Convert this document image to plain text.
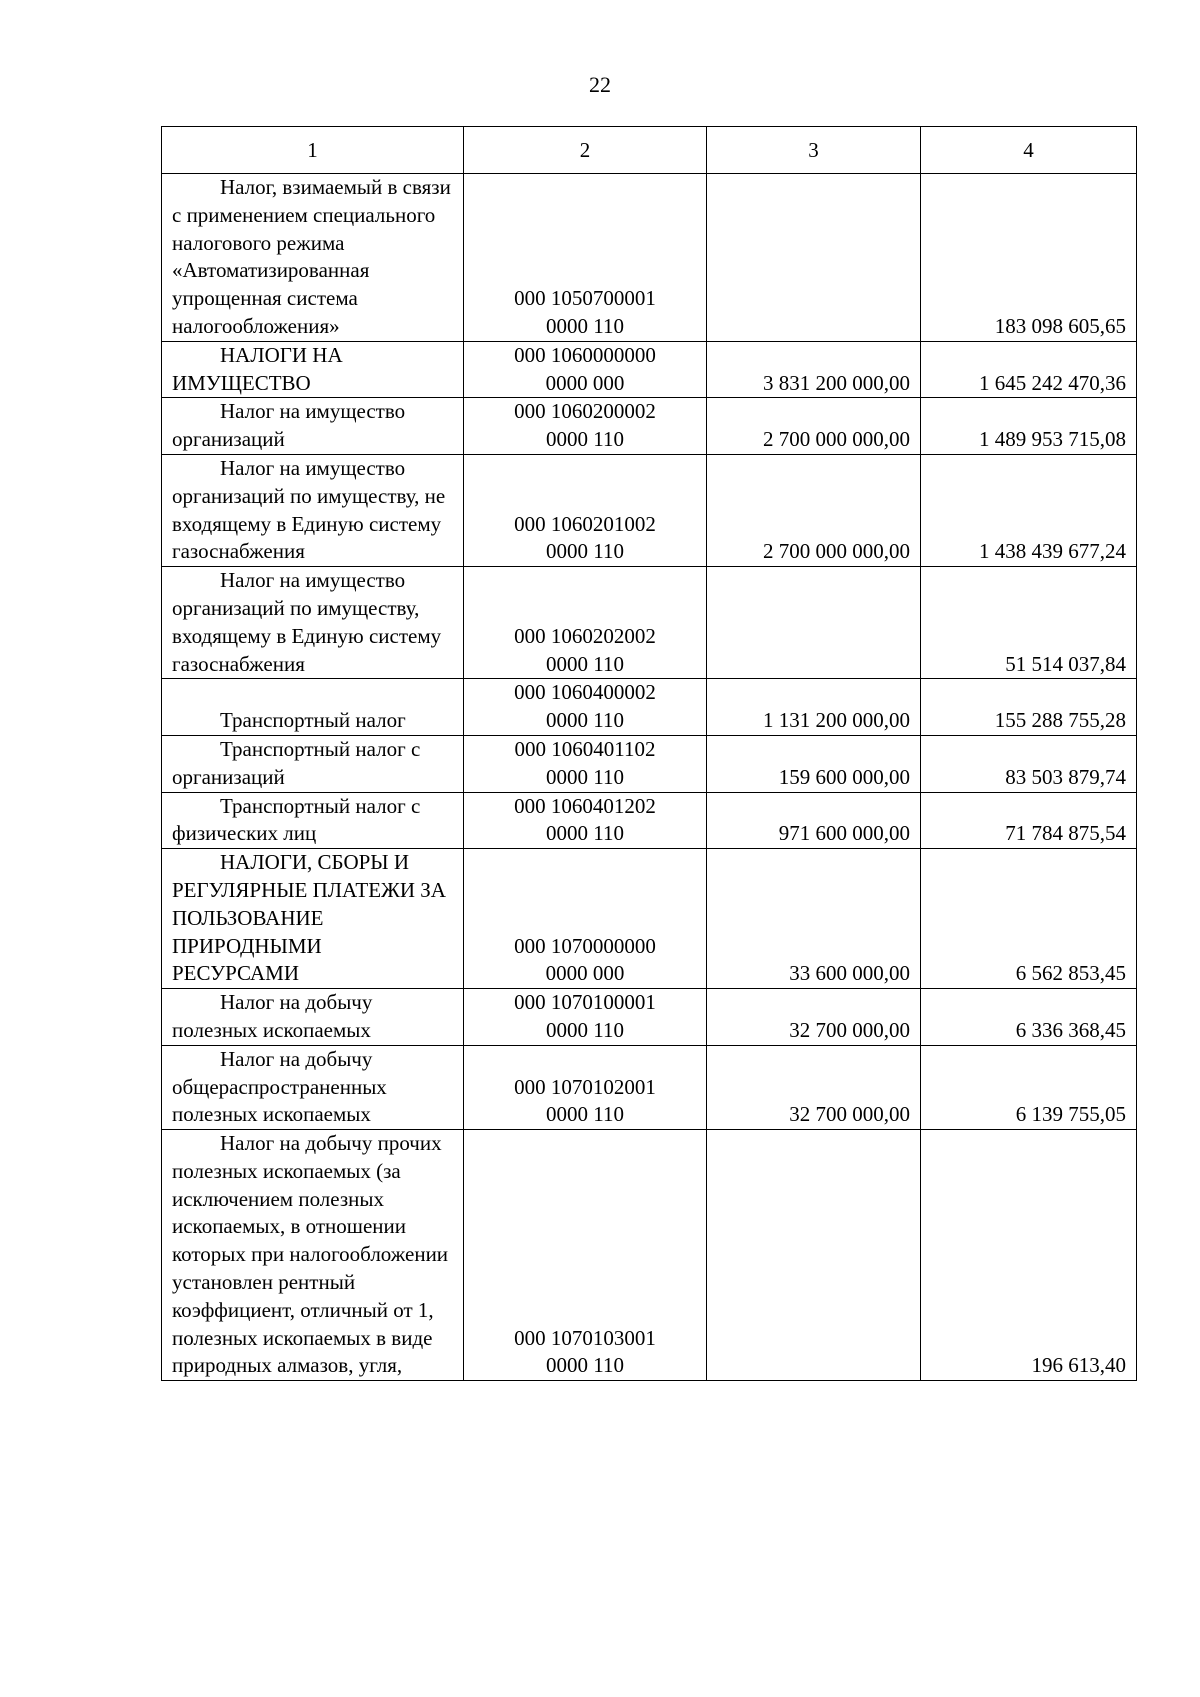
22
1	2	3	4

Налог, взимаемый в связи с применением специального налогового режима «Автоматизированная упрощенная система налогообложения»	000 1050700001
0000 110		183 098 605,65

НАЛОГИ НА ИМУЩЕСТВО	000 1060000000
0000 000	3 831 200 000,00	1 645 242 470,36

Налог на имущество организаций	000 1060200002
0000 110	2 700 000 000,00	1 489 953 715,08

Налог на имущество организаций по имуществу, не входящему в Единую систему газоснабжения	000 1060201002
0000 110	2 700 000 000,00	1 438 439 677,24

Налог на имущество организаций по имуществу, входящему в Единую систему газоснабжения	000 1060202002
0000 110		51 514 037,84

Транспортный налог	000 1060400002
0000 110	1 131 200 000,00	155 288 755,28

Транспортный налог с организаций	000 1060401102
0000 110	159 600 000,00	83 503 879,74

Транспортный налог с физических лиц	000 1060401202
0000 110	971 600 000,00	71 784 875,54

НАЛОГИ, СБОРЫ И РЕГУЛЯРНЫЕ ПЛАТЕЖИ ЗА ПОЛЬЗОВАНИЕ ПРИРОДНЫМИ РЕСУРСАМИ	000 1070000000
0000 000	33 600 000,00	6 562 853,45

Налог на добычу полезных ископаемых	000 1070100001
0000 110	32 700 000,00	6 336 368,45

Налог на добычу общераспространенных полезных ископаемых	000 1070102001
0000 110	32 700 000,00	6 139 755,05

Налог на добычу прочих полезных ископаемых (за исключением полезных ископаемых, в отношении которых при налогообложении установлен рентный коэффициент, отличный от 1, полезных ископаемых в виде природных алмазов, угля,	000 1070103001
0000 110		196 613,40
